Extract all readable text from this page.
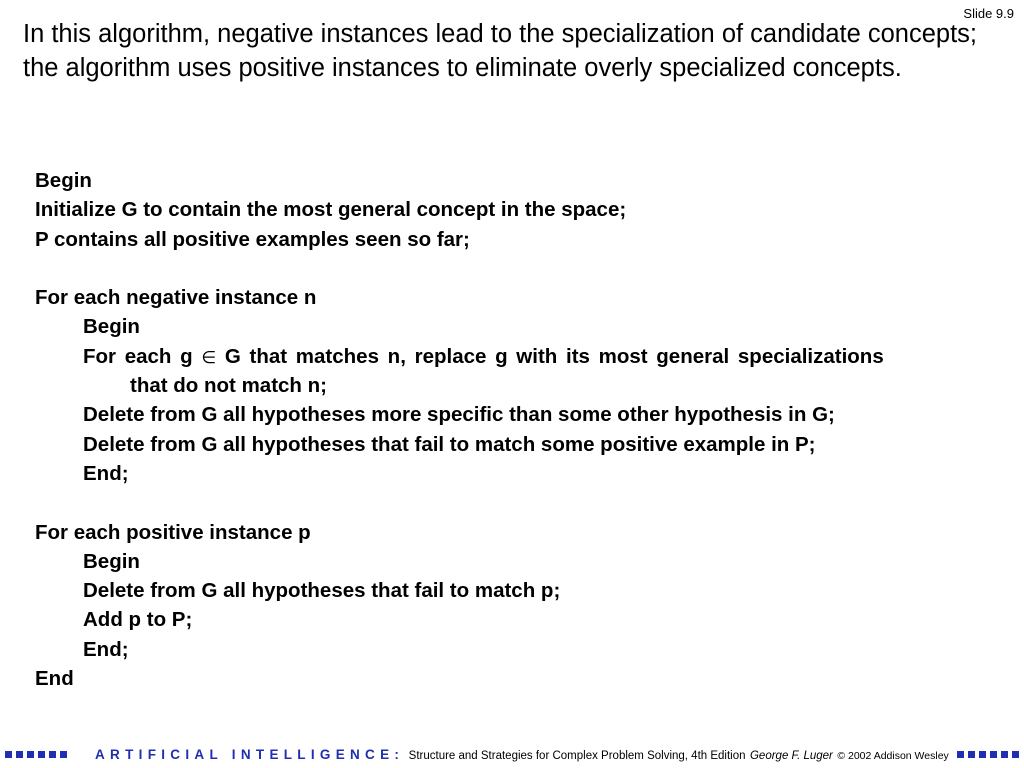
Slide 9.9

In this algorithm, negative instances lead to the specialization of candidate concepts; the algorithm uses positive instances to eliminate overly specialized concepts.

Begin
Initialize G to contain the most general concept in the space;
P contains all positive examples seen so far;
For each negative instance n
Begin
For each g ∈ G that matches n, replace g with its most general specializations
that do not match n;
Delete from G all hypotheses more specific than some other hypothesis in G;
Delete from G all hypotheses that fail to match some positive example in P;
End;
For each positive instance p
Begin
Delete from G all hypotheses that fail to match p;
Add p to P;
End;
End
ARTIFICIAL INTELLIGENCE: Structure and Strategies for Complex Problem Solving, 4th Edition George F. Luger © 2002 Addison Wesley
